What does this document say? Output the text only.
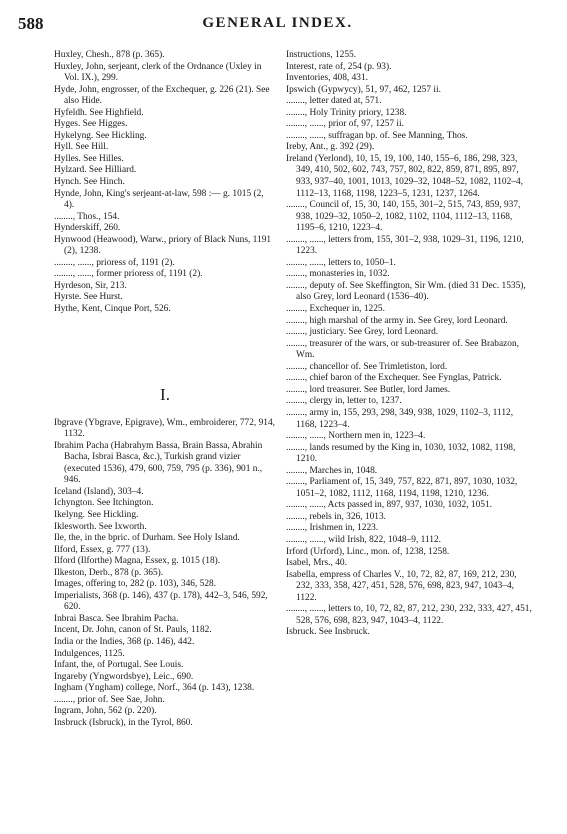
588	GENERAL INDEX.
Huxley, Chesh., 878 (p. 365).
Huxley, John, serjeant, clerk of the Ordnance (Uxley in Vol. IX.), 299.
Hyde, John, engrosser, of the Exchequer, g. 226 (21). See also Hide.
Hyfeldh. See Highfield.
Hyges. See Higges.
Hykelyng. See Hickling.
Hyll. See Hill.
Hylles. See Hilles.
Hylzard. See Hilliard.
Hynch. See Hinch.
Hynde, John, King's serjeant-at-law, 598 :— g. 1015 (2, 4).
........, Thos., 154.
Hynderskiff, 260.
Hynwood (Heawood), Warw., priory of Black Nuns, 1191 (2), 1238.
........, ......, prioress of, 1191 (2).
........, ......, former prioress of, 1191 (2).
Hyrdeson, Sir, 213.
Hyrste. See Hurst.
Hythe, Kent, Cinque Port, 526.
I.
Ibgrave (Ybgrave, Epigrave), Wm., embroiderer, 772, 914, 1132.
Ibrahim Pacha (Habrahym Bassa, Brain Bassa, Abrahin Bacha, Isbrai Basca, &c.), Turkish grand vizier (executed 1536), 479, 600, 759, 795 (p. 336), 901 n., 946.
Iceland (Island), 303–4.
Ichyngton. See Itchington.
Ikelyng. See Hickling.
Iklesworth. See Ixworth.
Ile, the, in the bpric. of Durham. See Holy Island.
Ilford, Essex, g. 777 (13).
Ilford (Ilforthe) Magna, Essex, g. 1015 (18).
Ilkeston, Derb., 878 (p. 365).
Images, offering to, 282 (p. 103), 346, 528.
Imperialists, 368 (p. 146), 437 (p. 178), 442–3, 546, 592, 620.
Inbrai Basca. See Ibrahim Pacha.
Incent, Dr. John, canon of St. Pauls, 1182.
India or the Indies, 368 (p. 146), 442.
Indulgences, 1125.
Infant, the, of Portugal. See Louis.
Ingareby (Yngwordsbye), Leic., 690.
Ingham (Yngham) college, Norf., 364 (p. 143), 1238.
........, prior of. See Sae, John.
Ingram, John, 562 (p. 220).
Insbruck (Isbruck), in the Tyrol, 860.
Instructions, 1255.
Interest, rate of, 254 (p. 93).
Inventories, 408, 431.
Ipswich (Gypwycy), 51, 97, 462, 1257 ii.
........, letter dated at, 571.
........, Holy Trinity priory, 1238.
........, ......, prior of, 97, 1257 ii.
........, ......, suffragan bp. of. See Manning, Thos.
Ireby, Ant., g. 392 (29).
Ireland (Yerlond), 10, 15, 19, 100, 140, 155–6, 186, 298, 323, 349, 410, 502, 602, 743, 757, 802, 822, 859, 871, 895, 897, 933, 937–40, 1001, 1013, 1029–32, 1048–52, 1082, 1102–4, 1112–13, 1168, 1198, 1223–5, 1231, 1237, 1264.
........, Council of, 15, 30, 140, 155, 301–2, 515, 743, 859, 937, 938, 1029–32, 1050–2, 1082, 1102, 1104, 1112–13, 1168, 1195–6, 1210, 1223–4.
........, ......, letters from, 155, 301–2, 938, 1029–31, 1196, 1210, 1223.
........, ......, letters to, 1050–1.
........, monasteries in, 1032.
........, deputy of. See Skeffington, Sir Wm. (died 31 Dec. 1535), also Grey, lord Leonard (1536–40).
........, Exchequer in, 1225.
........, high marshal of the army in. See Grey, lord Leonard.
........, justiciary. See Grey, lord Leonard.
........, treasurer of the wars, or sub-treasurer of. See Brabazon, Wm.
........, chancellor of. See Trimletiston, lord.
........, chief baron of the Exchequer. See Fynglas, Patrick.
........, lord treasurer. See Butler, lord James.
........, clergy in, letter to, 1237.
........, army in, 155, 293, 298, 349, 938, 1029, 1102–3, 1112, 1168, 1223–4.
........, ......, Northern men in, 1223–4.
........, lands resumed by the King in, 1030, 1032, 1082, 1198, 1210.
........, Marches in, 1048.
........, Parliament of, 15, 349, 757, 822, 871, 897, 1030, 1032, 1051–2, 1082, 1112, 1168, 1194, 1198, 1210, 1236.
........, ......, Acts passed in, 897, 937, 1030, 1032, 1051.
........, rebels in, 326, 1013.
........, Irishmen in, 1223.
........, ......, wild Irish, 822, 1048–9, 1112.
Irford (Urford), Linc., mon. of, 1238, 1258.
Isabel, Mrs., 40.
Isabella, empress of Charles V., 10, 72, 82, 87, 169, 212, 230, 232, 333, 358, 427, 451, 528, 576, 698, 823, 947, 1043–4, 1122.
........, ......, letters to, 10, 72, 82, 87, 212, 230, 232, 333, 427, 451, 528, 576, 698, 823, 947, 1043–4, 1122.
Isbruck. See Insbruck.
